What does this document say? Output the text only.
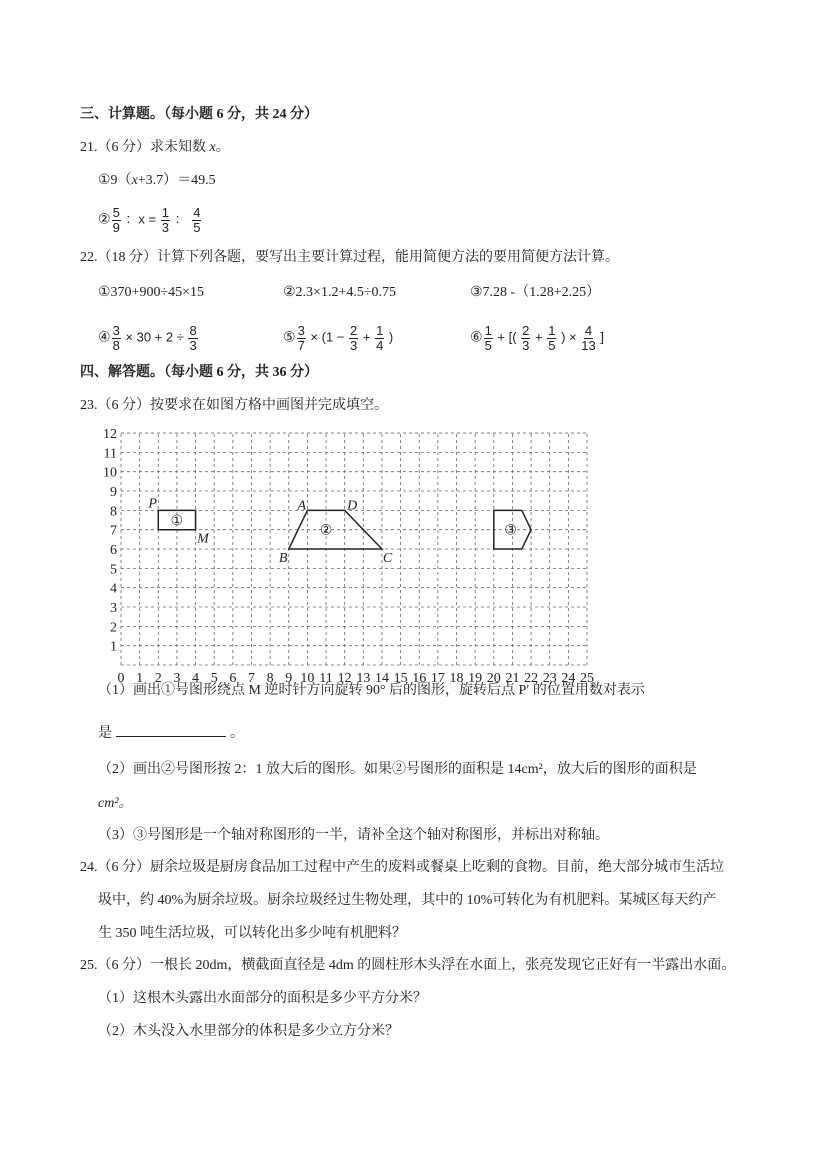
三、计算题。（每小题 6 分，共 24 分）
21.（6 分）求未知数 x。
①9（x+3.7）＝49.5
② $\frac{5}{9}$ ：$x = \frac{1}{3}$ ： $\frac{4}{5}$
22.（18 分）计算下列各题，要写出主要计算过程，能用简便方法的要用简便方法计算。
①370+900÷45×15	②2.3×1.2+4.5÷0.75	③7.28 -（1.28+2.25）
④ $\frac{3}{8} \times 30 + 2 \div \frac{8}{3}$	⑤ $\frac{3}{7} \times (1 - \frac{2}{3} + \frac{1}{4}$ )	⑥ $\frac{1}{5}$ + [( $\frac{2}{3} + \frac{1}{5}$ ) × $\frac{4}{13}$ ]
四、解答题。（每小题 6 分，共 36 分）
23.（6 分）按要求在如图方格中画图并完成填空。
0 1 2 3 4 5 6 7 8 9 10 11 12 13 14 15 16 17 18 19 20 21 22 23 24 25
1
2
3
4
5
6
7
8
9
10
11
12
①
②	③
P
M
A	D
B	C
（1）画出①号图形绕点 M 逆时针方向旋转 90° 后的图形，旋转后点 P′ 的位置用数对表示
是	。
（2）画出②号图形按 2：1 放大后的图形。如果②号图形的面积是 14cm²，放大后的图形的面积是
cm²。
（3）③号图形是一个轴对称图形的一半，请补全这个轴对称图形，并标出对称轴。
24.（6 分）厨余垃圾是厨房食品加工过程中产生的废料或餐桌上吃剩的食物。目前，绝大部分城市生活垃
圾中，约 40%为厨余垃圾。厨余垃圾经过生物处理，其中的 10%可转化为有机肥料。某城区每天约产
生 350 吨生活垃圾，可以转化出多少吨有机肥料？
25.（6 分）一根长 20dm，横截面直径是 4dm 的圆柱形木头浮在水面上，张亮发现它正好有一半露出水面。
（1）这根木头露出水面部分的面积是多少平方分米？
（2）木头没入水里部分的体积是多少立方分米？
